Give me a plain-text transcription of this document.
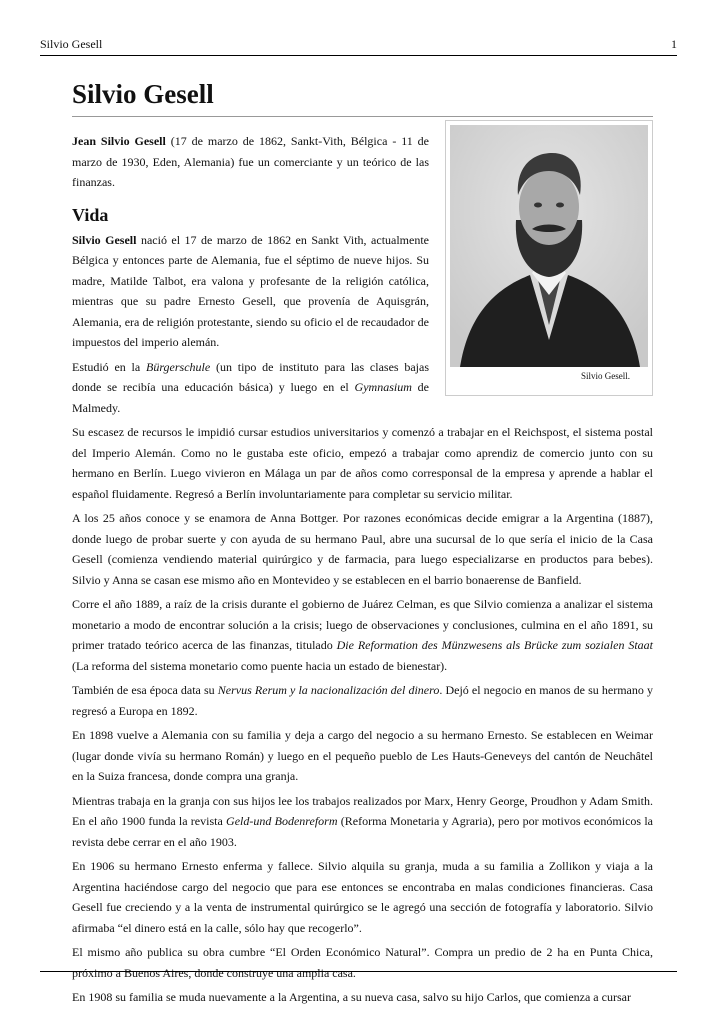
Silvio Gesell	1
Silvio Gesell
Silvio Gesell.

Jean Silvio Gesell (17 de marzo de 1862, Sankt-Vith, Bélgica - 11 de marzo de 1930, Eden, Alemania) fue un comerciante y un teórico de las finanzas.

Vida

Silvio Gesell nació el 17 de marzo de 1862 en Sankt Vith, actualmente Bélgica y entonces parte de Alemania, fue el séptimo de nueve hijos. Su madre, Matilde Talbot, era valona y profesante de la religión católica, mientras que su padre Ernesto Gesell, que provenía de Aquisgrán, Alemania, era de religión protestante, siendo su oficio el de recaudador de impuestos del imperio alemán.

Estudió en la Bürgerschule (un tipo de instituto para las clases bajas donde se recibía una educación básica) y luego en el Gymnasium de Malmedy.

Su escasez de recursos le impidió cursar estudios universitarios y comenzó a trabajar en el Reichspost, el sistema postal del Imperio Alemán. Como no le gustaba este oficio, empezó a trabajar como aprendiz de comercio junto con su hermano en Berlín. Luego vivieron en Málaga un par de años como corresponsal de la empresa y aprende a hablar el español fluidamente. Regresó a Berlín involuntariamente para completar su servicio militar.

A los 25 años conoce y se enamora de Anna Bottger. Por razones económicas decide emigrar a la Argentina (1887), donde luego de probar suerte y con ayuda de su hermano Paul, abre una sucursal de lo que sería el inicio de la Casa Gesell (comienza vendiendo material quirúrgico y de farmacia, para luego especializarse en productos para bebes). Silvio y Anna se casan ese mismo año en Montevideo y se establecen en el barrio bonaerense de Banfield.

Corre el año 1889, a raíz de la crisis durante el gobierno de Juárez Celman, es que Silvio comienza a analizar el sistema monetario a modo de encontrar solución a la crisis; luego de observaciones y conclusiones, culmina en el año 1891, su primer tratado teórico acerca de las finanzas, titulado Die Reformation des Münzwesens als Brücke zum sozialen Staat (La reforma del sistema monetario como puente hacia un estado de bienestar).

También de esa época data su Nervus Rerum y la nacionalización del dinero. Dejó el negocio en manos de su hermano y regresó a Europa en 1892.

En 1898 vuelve a Alemania con su familia y deja a cargo del negocio a su hermano Ernesto. Se establecen en Weimar (lugar donde vivía su hermano Román) y luego en el pequeño pueblo de Les Hauts-Geneveys del cantón de Neuchâtel en la Suiza francesa, donde compra una granja.

Mientras trabaja en la granja con sus hijos lee los trabajos realizados por Marx, Henry George, Proudhon y Adam Smith. En el año 1900 funda la revista Geld-und Bodenreform (Reforma Monetaria y Agraria), pero por motivos económicos la revista debe cerrar en el año 1903.

En 1906 su hermano Ernesto enferma y fallece. Silvio alquila su granja, muda a su familia a Zollikon y viaja a la Argentina haciéndose cargo del negocio que para ese entonces se encontraba en malas condiciones financieras. Casa Gesell fue creciendo y a la venta de instrumental quirúrgico se le agregó una sección de fotografía y laboratorio. Silvio afirmaba “el dinero está en la calle, sólo hay que recogerlo”.

El mismo año publica su obra cumbre “El Orden Económico Natural”. Compra un predio de 2 ha en Punta Chica, próximo a Buenos Aires, donde construye una amplia casa.

En 1908 su familia se muda nuevamente a la Argentina, a su nueva casa, salvo su hijo Carlos, que comienza a cursar
